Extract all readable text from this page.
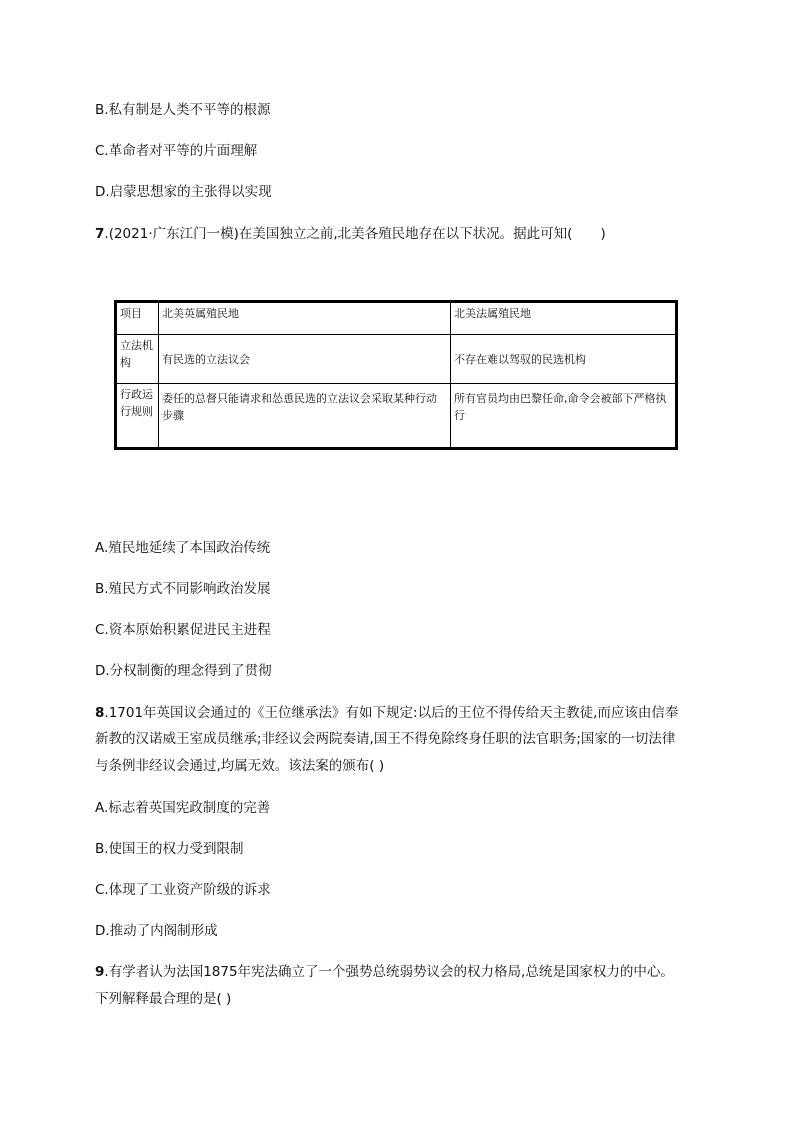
B.私有制是人类不平等的根源
C.革命者对平等的片面理解
D.启蒙思想家的主张得以实现
7.(2021·广东江门一模)在美国独立之前,北美各殖民地存在以下状况。据此可知( )
项目	北美英属殖民地	北美法属殖民地
立法机构	有民选的立法议会	不存在难以驾驭的民选机构
行政运行规则	委任的总督只能请求和怂恿民选的立法议会采取某种行动步骤	所有官员均由巴黎任命,命令会被部下严格执行
A.殖民地延续了本国政治传统
B.殖民方式不同影响政治发展
C.资本原始积累促进民主进程
D.分权制衡的理念得到了贯彻
8.1701年英国议会通过的《王位继承法》有如下规定:以后的王位不得传给天主教徒,而应该由信奉
新教的汉诺威王室成员继承;非经议会两院奏请,国王不得免除终身任职的法官职务;国家的一切法律
与条例非经议会通过,均属无效。该法案的颁布( )
A.标志着英国宪政制度的完善
B.使国王的权力受到限制
C.体现了工业资产阶级的诉求
D.推动了内阁制形成
9.有学者认为法国1875年宪法确立了一个强势总统弱势议会的权力格局,总统是国家权力的中心。
下列解释最合理的是( )
